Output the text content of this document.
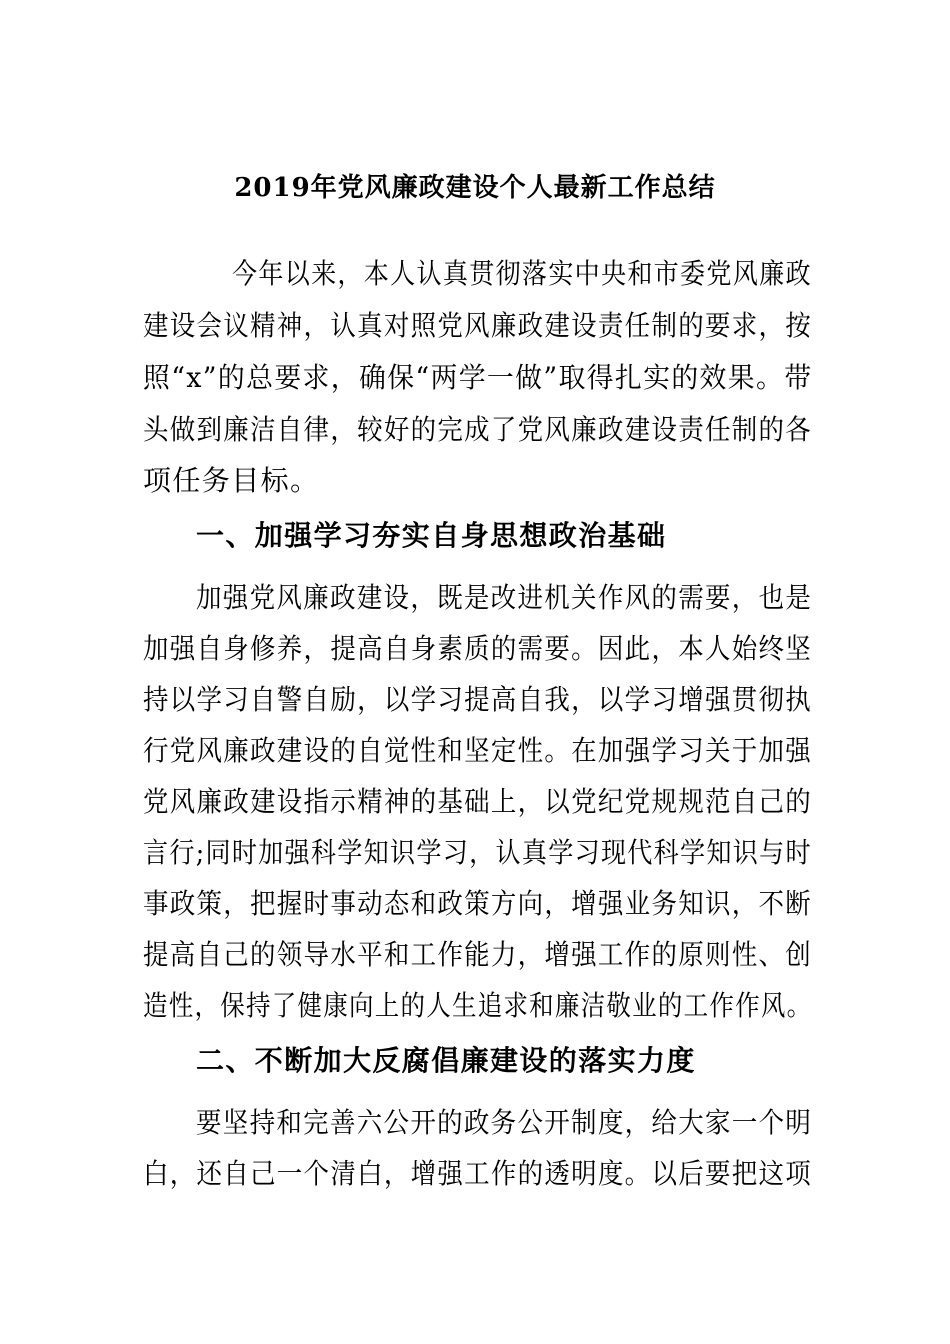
2019年党风廉政建设个人最新工作总结
今年以来，本人认真贯彻落实中央和市委党风廉政
建设会议精神，认真对照党风廉政建设责任制的要求，按
照“x”的总要求，确保“两学一做”取得扎实的效果。带
头做到廉洁自律，较好的完成了党风廉政建设责任制的各
项任务目标。
一、加强学习夯实自身思想政治基础
加强党风廉政建设，既是改进机关作风的需要，也是
加强自身修养，提高自身素质的需要。因此，本人始终坚
持以学习自警自励，以学习提高自我，以学习增强贯彻执
行党风廉政建设的自觉性和坚定性。在加强学习关于加强
党风廉政建设指示精神的基础上，以党纪党规规范自己的
言行;同时加强科学知识学习，认真学习现代科学知识与时
事政策，把握时事动态和政策方向，增强业务知识，不断
提高自己的领导水平和工作能力，增强工作的原则性、创
造性，保持了健康向上的人生追求和廉洁敬业的工作作风。
二、不断加大反腐倡廉建设的落实力度
要坚持和完善六公开的政务公开制度，给大家一个明
白，还自己一个清白，增强工作的透明度。以后要把这项
